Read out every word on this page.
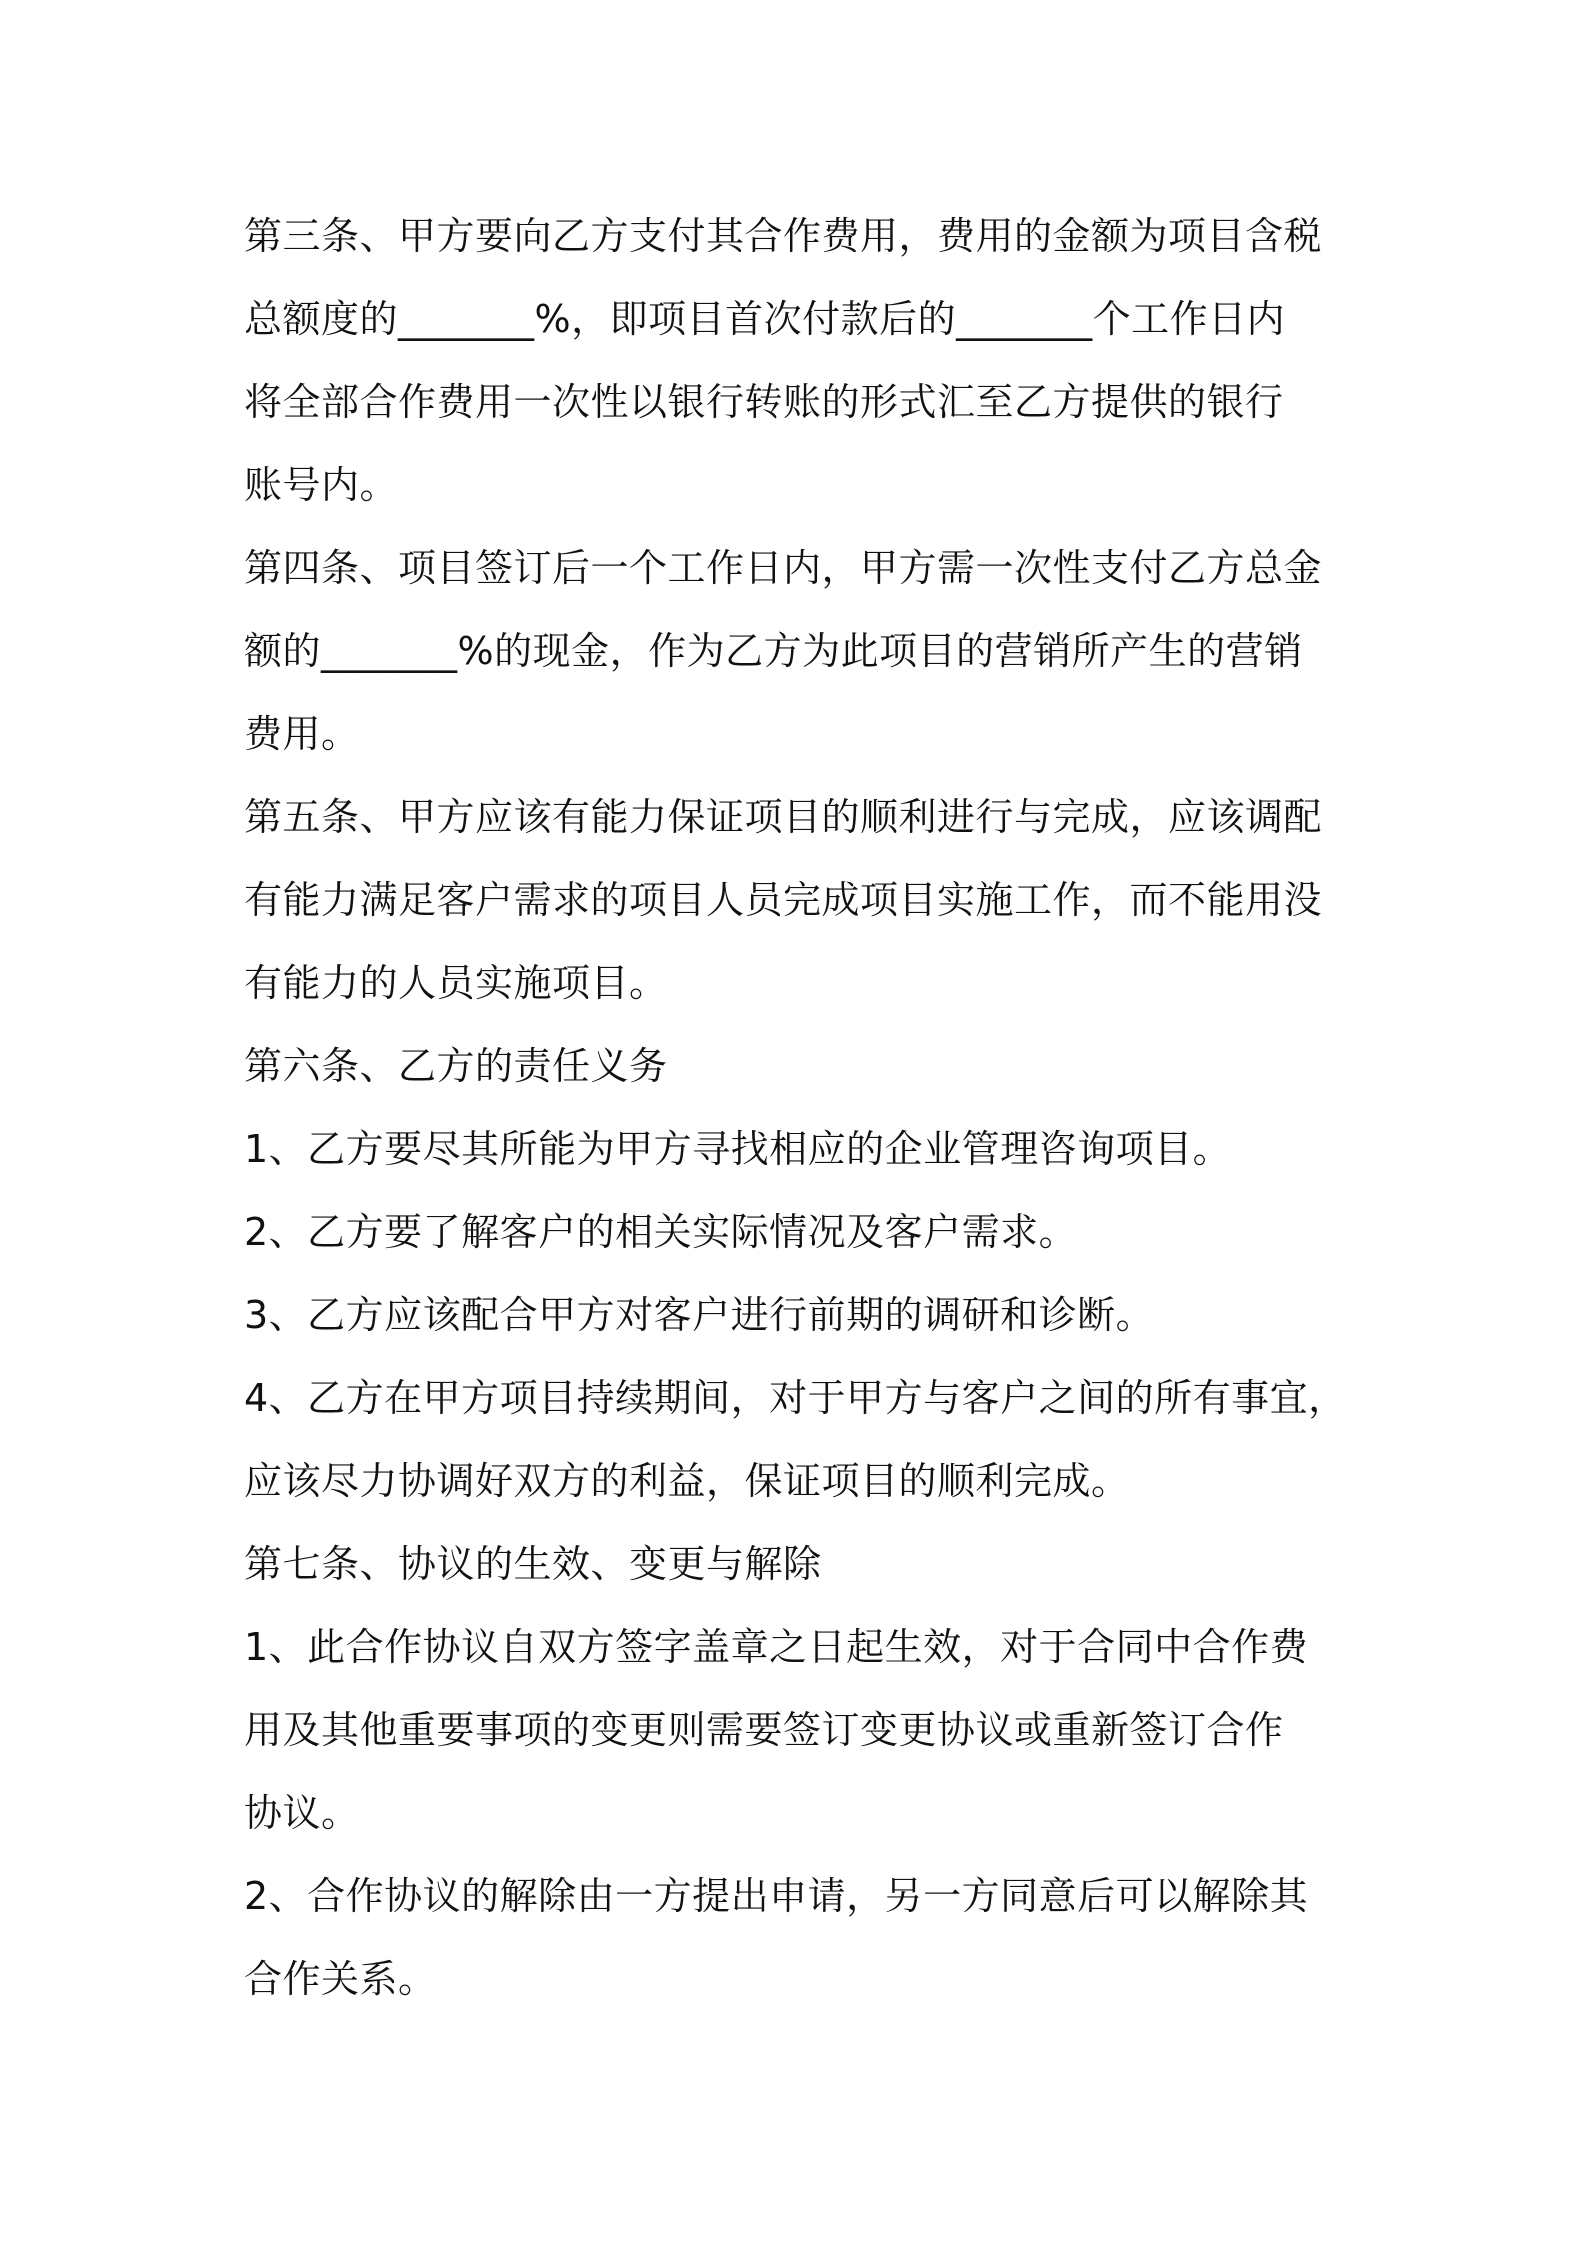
第三条、甲方要向乙方支付其合作费用，费用的金额为项目含税
总额度的_______%，即项目首次付款后的_______个工作日内
将全部合作费用一次性以银行转账的形式汇至乙方提供的银行
账号内。

第四条、项目签订后一个工作日内，甲方需一次性支付乙方总金
额的_______%的现金，作为乙方为此项目的营销所产生的营销
费用。

第五条、甲方应该有能力保证项目的顺利进行与完成，应该调配
有能力满足客户需求的项目人员完成项目实施工作，而不能用没
有能力的人员实施项目。

第六条、乙方的责任义务

1、乙方要尽其所能为甲方寻找相应的企业管理咨询项目。

2、乙方要了解客户的相关实际情况及客户需求。

3、乙方应该配合甲方对客户进行前期的调研和诊断。

4、乙方在甲方项目持续期间，对于甲方与客户之间的所有事宜，
应该尽力协调好双方的利益，保证项目的顺利完成。

第七条、协议的生效、变更与解除

1、此合作协议自双方签字盖章之日起生效，对于合同中合作费
用及其他重要事项的变更则需要签订变更协议或重新签订合作
协议。

2、合作协议的解除由一方提出申请，另一方同意后可以解除其
合作关系。
